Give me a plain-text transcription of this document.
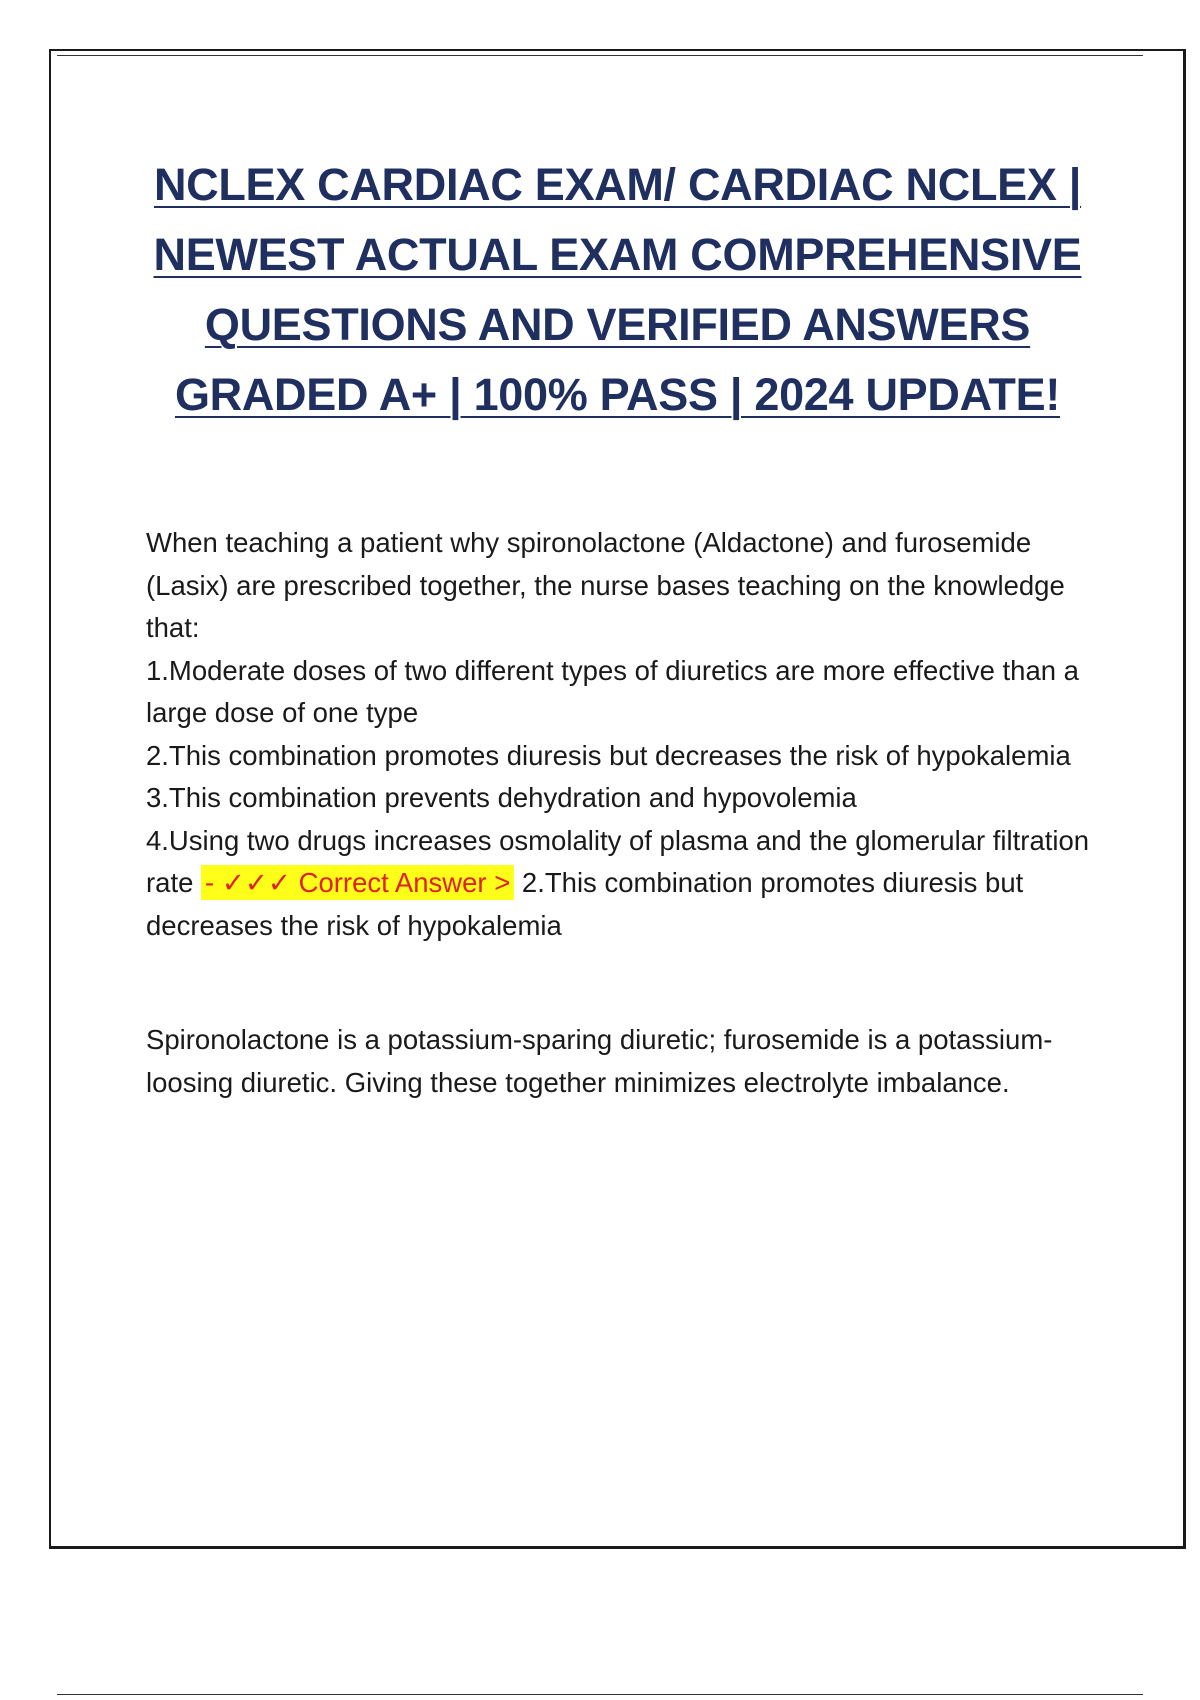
NCLEX CARDIAC EXAM/ CARDIAC NCLEX | NEWEST ACTUAL EXAM COMPREHENSIVE QUESTIONS AND VERIFIED ANSWERS GRADED A+ | 100% PASS | 2024 UPDATE!

When teaching a patient why spironolactone (Aldactone) and furosemide (Lasix) are prescribed together, the nurse bases teaching on the knowledge that:

1.Moderate doses of two different types of diuretics are more effective than a large dose of one type

2.This combination promotes diuresis but decreases the risk of hypokalemia

3.This combination prevents dehydration and hypovolemia

4.Using two drugs increases osmolality of plasma and the glomerular filtration rate - ✓✓✓ Correct Answer > 2.This combination promotes diuresis but decreases the risk of hypokalemia

Spironolactone is a potassium-sparing diuretic; furosemide is a potassium-loosing diuretic. Giving these together minimizes electrolyte imbalance.
